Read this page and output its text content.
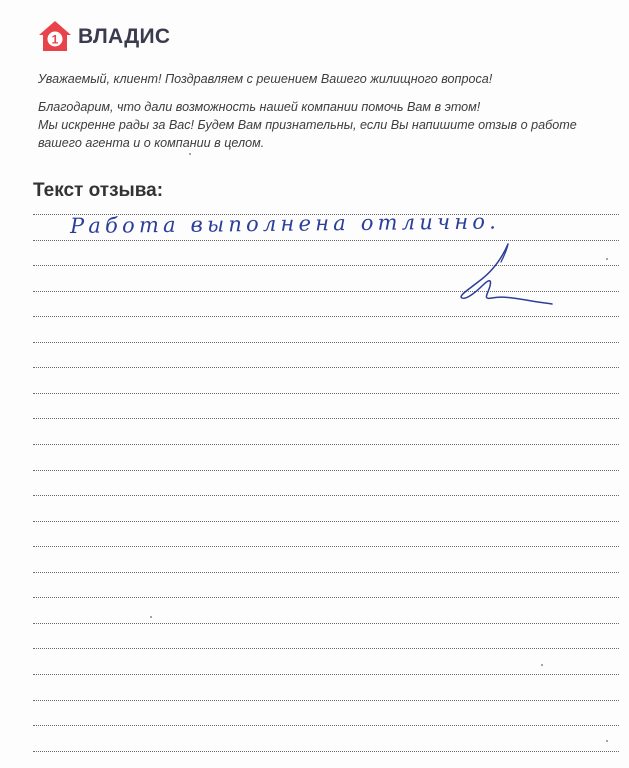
1 ВЛАДИС

Уважаемый, клиент! Поздравляем с решением Вашего жилищного вопроса!

Благодарим, что дали возможность нашей компании помочь Вам в этом!
Мы искренне рады за Вас! Будем Вам признательны, если Вы напишите отзыв о работе
вашего агента и о компании в целом.

Текст отзыва:
Работа выполнена отлично.
